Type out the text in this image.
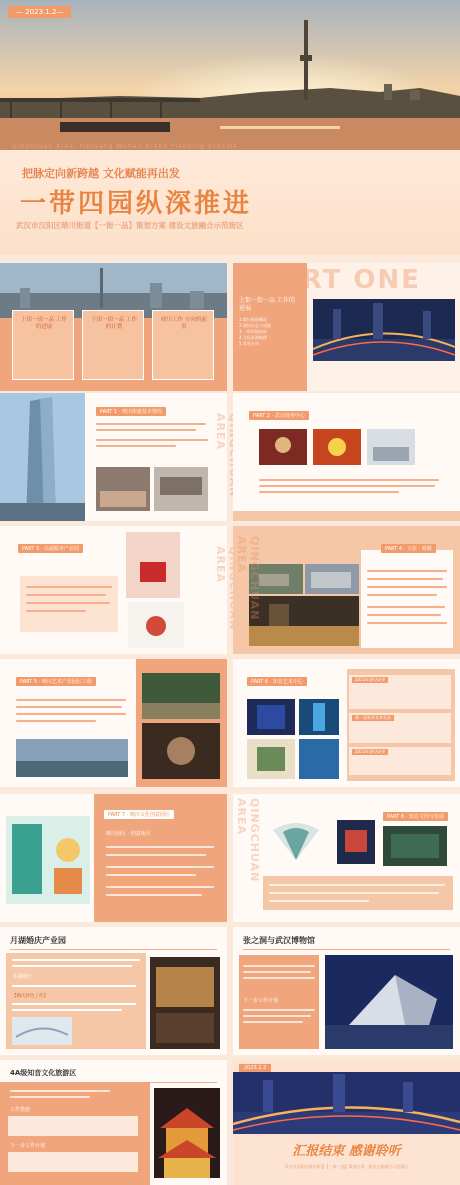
— 2023.1.2—
Qingshuan Area, Hanyang Wuhan Brand Planning Scheme
把脉定向新跨越 文化赋能再出发
一带四园纵深推进
武汉市汉阳区晴川街道【一街一品】策划方案 建设文旅融合示范街区
上街一街一品 工作的进展
下街一街一品 工作的计划
晴川工作 方向的前景
PART ONE
上街一街一品 工作的进展
1.晴川街道概况
2.建设历史与成就
3.一带四园布局
4.文化资源梳理
5.发展方向
PART 1 · 晴川街道基本情况
AREA	PART 2 · 武汉商务中心
PART 3 · 高端服务产业园	AREA	PART 4 · 文旅 · 商圈
QINGCHUAN AREA
PART 5 · 晴川艺术产业园区工程	PART 6 · 知音艺术中心	2022年建设成果
新一届新华业务发展
2023年建设成果
PART 7 · 晴川文化创意园区
晴川园区 · 创意街区	QINGCHUAN AREA	PART 8 · 知音文创与发展
月湖婚庆产业园
月湖婚庆
【婚庆特色工作】
张之洞与武汉博物馆
下一步工作计划
4A级知音文化旅游区
工作措施
下一步工作计划
2023.1.2
汇报结束 感谢聆听
武汉市汉阳区晴川街道【一街一品】策划方案 · 建设文旅融合示范街区
